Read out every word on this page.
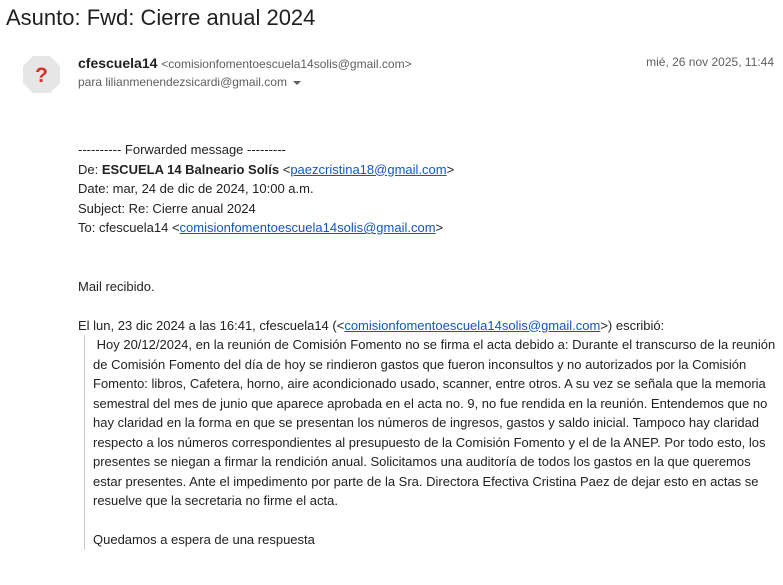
Asunto: Fwd: Cierre anual 2024
?
cfescuela14 <comisionfomentoescuela14solis@gmail.com>	mié, 26 nov 2025, 11:44
para lilianmenendezsicardi@gmail.com
---------- Forwarded message ---------
De: ESCUELA 14 Balneario Solís <paezcristina18@gmail.com>
Date: mar, 24 de dic de 2024, 10:00 a.m.
Subject: Re: Cierre anual 2024
To: cfescuela14 <comisionfomentoescuela14solis@gmail.com>
Mail recibido.
El lun, 23 dic 2024 a las 16:41, cfescuela14 (<comisionfomentoescuela14solis@gmail.com>) escribió:
Hoy 20/12/2024, en la reunión de Comisión Fomento no se firma el acta debido a: Durante el transcurso de la reunión
de Comisión Fomento del día de hoy se rindieron gastos que fueron inconsultos y no autorizados por la Comisión
Fomento: libros, Cafetera, horno, aire acondicionado usado, scanner, entre otros. A su vez se señala que la memoria
semestral del mes de junio que aparece aprobada en el acta no. 9, no fue rendida en la reunión. Entendemos que no
hay claridad en la forma en que se presentan los números de ingresos, gastos y saldo inicial. Tampoco hay claridad
respecto a los números correspondientes al presupuesto de la Comisión Fomento y el de la ANEP. Por todo esto, los
presentes se niegan a firmar la rendición anual. Solicitamos una auditoría de todos los gastos en la que queremos
estar presentes. Ante el impedimento por parte de la Sra. Directora Efectiva Cristina Paez de dejar esto en actas se
resuelve que la secretaria no firme el acta.
Quedamos a espera de una respuesta
